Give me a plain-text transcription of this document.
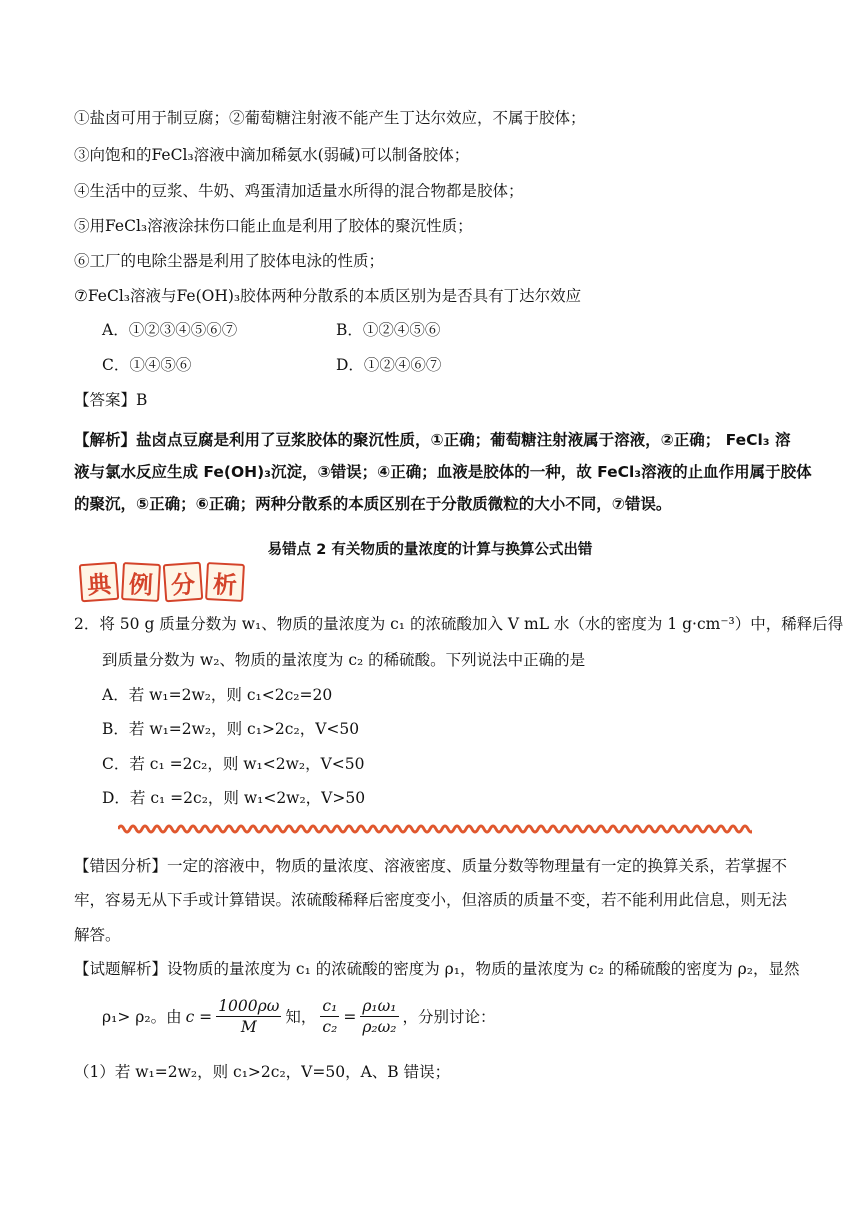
①盐卤可用于制豆腐；②葡萄糖注射液不能产生丁达尔效应，不属于胶体；
③向饱和的FeCl₃溶液中滴加稀氨水(弱碱)可以制备胶体；
④生活中的豆浆、牛奶、鸡蛋清加适量水所得的混合物都是胶体；
⑤用FeCl₃溶液涂抹伤口能止血是利用了胶体的聚沉性质；
⑥工厂的电除尘器是利用了胶体电泳的性质；
⑦FeCl₃溶液与Fe(OH)₃胶体两种分散系的本质区别为是否具有丁达尔效应
A．①②③④⑤⑥⑦	B．①②④⑤⑥
C．①④⑤⑥	D．①②④⑥⑦
【答案】B
【解析】盐卤点豆腐是利用了豆浆胶体的聚沉性质，①正确；葡萄糖注射液属于溶液，②正确； FeCl₃ 溶
液与氯水反应生成 Fe(OH)₃沉淀，③错误；④正确；血液是胶体的一种，故 FeCl₃溶液的止血作用属于胶体
的聚沉，⑤正确；⑥正确；两种分散系的本质区别在于分散质微粒的大小不同，⑦错误。
易错点 2 有关物质的量浓度的计算与换算公式出错
典 例 分 析
2．将 50 g 质量分数为 w₁、物质的量浓度为 c₁ 的浓硫酸加入 V mL 水（水的密度为 1 g·cm⁻³）中，稀释后得
到质量分数为 w₂、物质的量浓度为 c₂ 的稀硫酸。下列说法中正确的是
A．若 w₁=2w₂，则 c₁<2c₂=20
B．若 w₁=2w₂，则 c₁>2c₂，V<50
C．若 c₁ =2c₂，则 w₁<2w₂，V<50
D．若 c₁ =2c₂，则 w₁<2w₂，V>50
【错因分析】一定的溶液中，物质的量浓度、溶液密度、质量分数等物理量有一定的换算关系，若掌握不
牢，容易无从下手或计算错误。浓硫酸稀释后密度变小，但溶质的质量不变，若不能利用此信息，则无法
解答。
【试题解析】设物质的量浓度为 c₁ 的浓硫酸的密度为 ρ₁，物质的量浓度为 c₂ 的稀硫酸的密度为 ρ₂，显然
ρ₁> ρ₂。由 $c = \frac{1000\rho\omega}{M}$ 知， $\frac{\text{c₁}}{\text{c₂}} = \frac{\text{ρ₁ω₁}}{\text{ρ₂ω₂}}$ ，分别讨论：
（1）若 w₁=2w₂，则 c₁>2c₂，V=50，A、B 错误；
